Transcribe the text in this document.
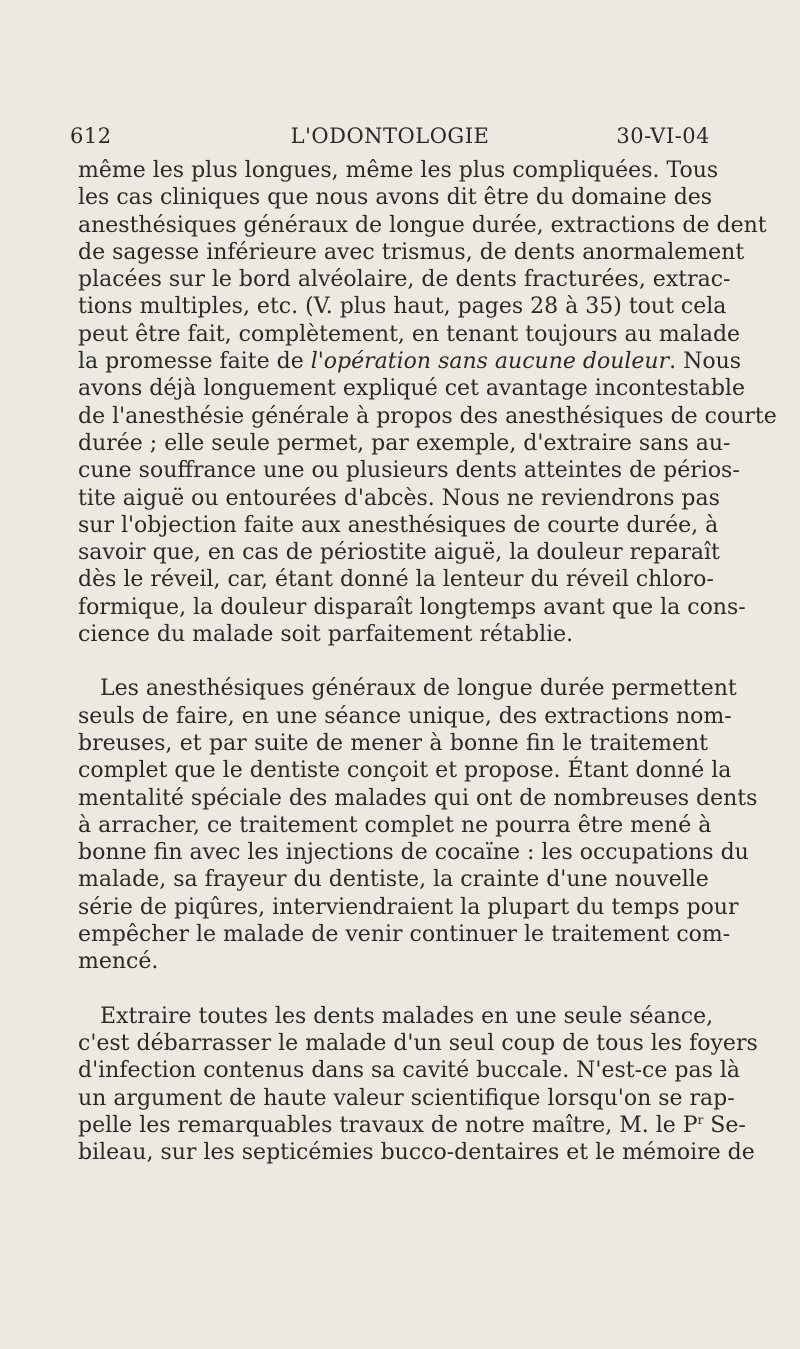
612	L'ODONTOLOGIE	30-VI-04
même les plus longues, même les plus compliquées. Tous
les cas cliniques que nous avons dit être du domaine des
anesthésiques généraux de longue durée, extractions de dent
de sagesse inférieure avec trismus, de dents anormalement
placées sur le bord alvéolaire, de dents fracturées, extrac-
tions multiples, etc. (V. plus haut, pages 28 à 35) tout cela
peut être fait, complètement, en tenant toujours au malade
la promesse faite de l'opération sans aucune douleur. Nous
avons déjà longuement expliqué cet avantage incontestable
de l'anesthésie générale à propos des anesthésiques de courte
durée ; elle seule permet, par exemple, d'extraire sans au-
cune souffrance une ou plusieurs dents atteintes de périos-
tite aiguë ou entourées d'abcès. Nous ne reviendrons pas
sur l'objection faite aux anesthésiques de courte durée, à
savoir que, en cas de périostite aiguë, la douleur reparaît
dès le réveil, car, étant donné la lenteur du réveil chloro-
formique, la douleur disparaît longtemps avant que la cons-
cience du malade soit parfaitement rétablie.
Les anesthésiques généraux de longue durée permettent
seuls de faire, en une séance unique, des extractions nom-
breuses, et par suite de mener à bonne fin le traitement
complet que le dentiste conçoit et propose. Étant donné la
mentalité spéciale des malades qui ont de nombreuses dents
à arracher, ce traitement complet ne pourra être mené à
bonne fin avec les injections de cocaïne : les occupations du
malade, sa frayeur du dentiste, la crainte d'une nouvelle
série de piqûres, interviendraient la plupart du temps pour
empêcher le malade de venir continuer le traitement com-
mencé.
Extraire toutes les dents malades en une seule séance,
c'est débarrasser le malade d'un seul coup de tous les foyers
d'infection contenus dans sa cavité buccale. N'est-ce pas là
un argument de haute valeur scientifique lorsqu'on se rap-
pelle les remarquables travaux de notre maître, M. le $P^r$ Se-
bileau, sur les septicémies bucco-dentaires et le mémoire de
